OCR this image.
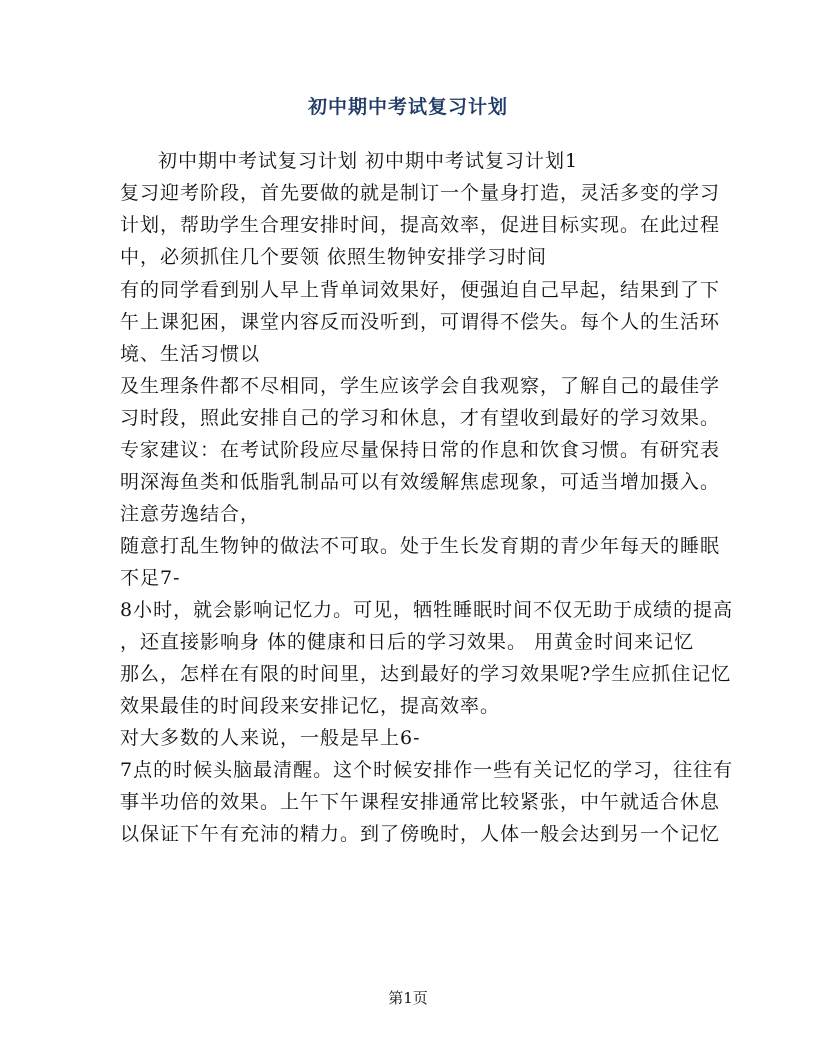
初中期中考试复习计划
初中期中考试复习计划 初中期中考试复习计划1
复习迎考阶段，首先要做的就是制订一个量身打造，灵活多变的学习
计划，帮助学生合理安排时间，提高效率，促进目标实现。在此过程
中，必须抓住几个要领 依照生物钟安排学习时间
有的同学看到别人早上背单词效果好，便强迫自己早起，结果到了下
午上课犯困，课堂内容反而没听到，可谓得不偿失。每个人的生活环
境、生活习惯以
及生理条件都不尽相同，学生应该学会自我观察，了解自己的最佳学
习时段，照此安排自己的学习和休息，才有望收到最好的学习效果。
专家建议：在考试阶段应尽量保持日常的作息和饮食习惯。有研究表
明深海鱼类和低脂乳制品可以有效缓解焦虑现象，可适当增加摄入。
注意劳逸结合，
随意打乱生物钟的做法不可取。处于生长发育期的青少年每天的睡眠
不足7-
8小时，就会影响记忆力。可见，牺牲睡眠时间不仅无助于成绩的提高
，还直接影响身 体的健康和日后的学习效果。 用黄金时间来记忆
那么，怎样在有限的时间里，达到最好的学习效果呢?学生应抓住记忆
效果最佳的时间段来安排记忆，提高效率。
对大多数的人来说，一般是早上6-
7点的时候头脑最清醒。这个时候安排作一些有关记忆的学习，往往有
事半功倍的效果。上午下午课程安排通常比较紧张，中午就适合休息
以保证下午有充沛的精力。到了傍晚时，人体一般会达到另一个记忆
第1页
